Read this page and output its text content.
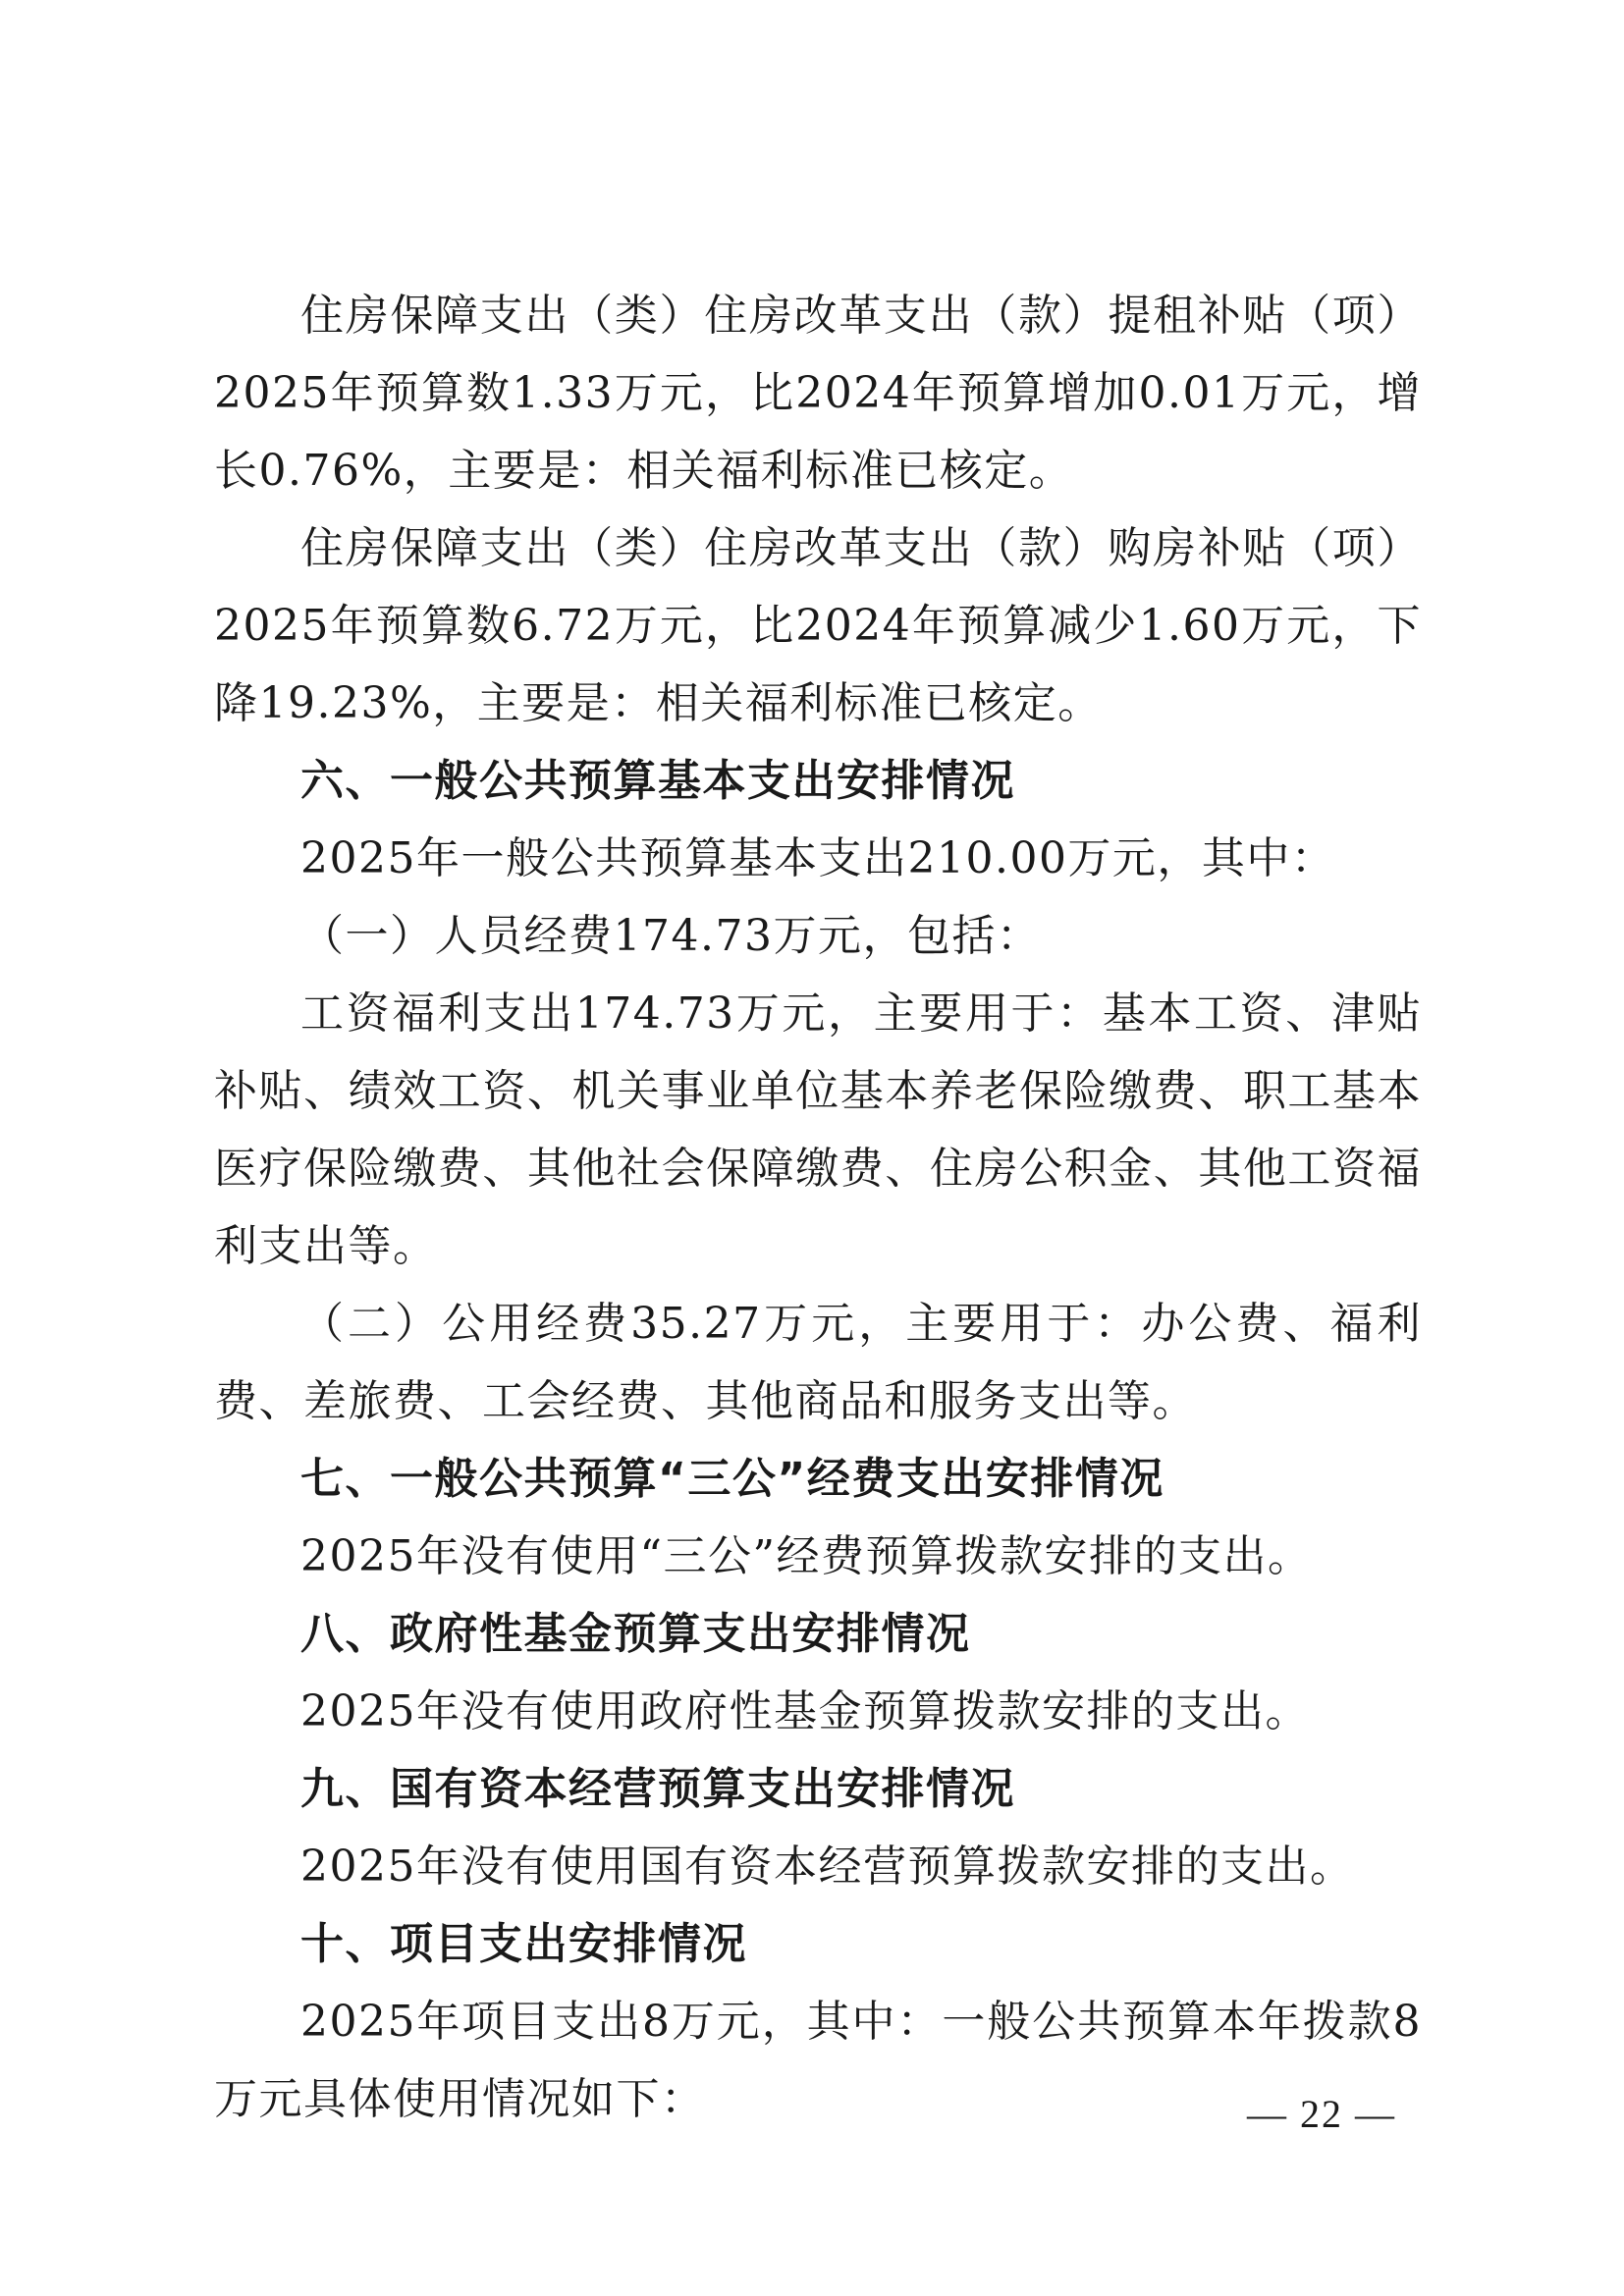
住房保障支出（类）住房改革支出（款）提租补贴（项）2025年预算数1.33万元，比2024年预算增加0.01万元，增长0.76%，主要是：相关福利标准已核定。

住房保障支出（类）住房改革支出（款）购房补贴（项）2025年预算数6.72万元，比2024年预算减少1.60万元，下降19.23%，主要是：相关福利标准已核定。

六、一般公共预算基本支出安排情况

2025年一般公共预算基本支出210.00万元，其中：

（一）人员经费174.73万元，包括：

工资福利支出174.73万元，主要用于：基本工资、津贴补贴、绩效工资、机关事业单位基本养老保险缴费、职工基本医疗保险缴费、其他社会保障缴费、住房公积金、其他工资福利支出等。

（二）公用经费35.27万元，主要用于：办公费、福利费、差旅费、工会经费、其他商品和服务支出等。

七、一般公共预算“三公”经费支出安排情况

2025年没有使用“三公”经费预算拨款安排的支出。

八、政府性基金预算支出安排情况

2025年没有使用政府性基金预算拨款安排的支出。

九、国有资本经营预算支出安排情况

2025年没有使用国有资本经营预算拨款安排的支出。

十、项目支出安排情况

2025年项目支出8万元，其中：一般公共预算本年拨款8万元具体使用情况如下：	— 22 —
